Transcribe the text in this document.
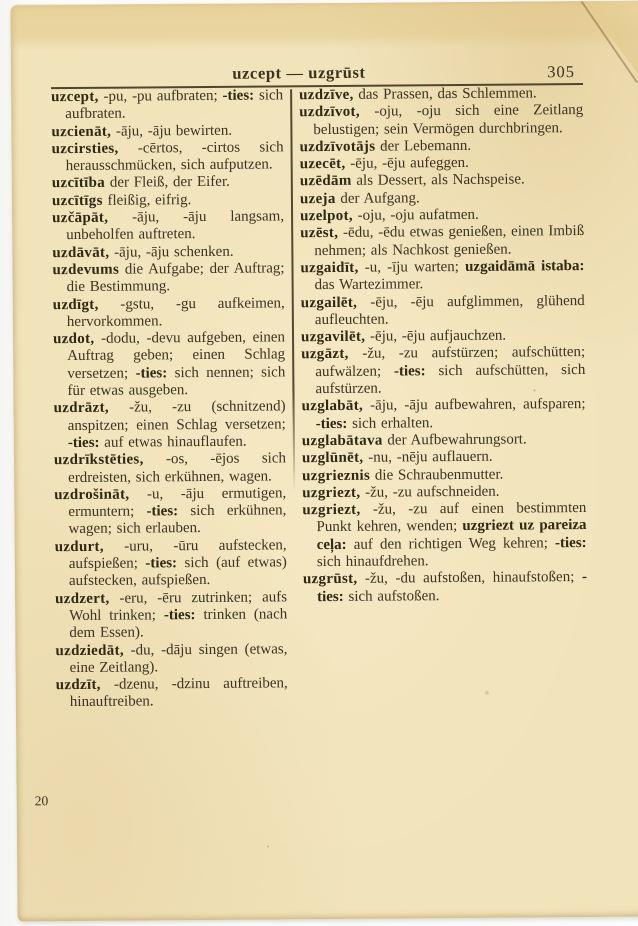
uzcept — uzgrūst	305

uzcept, -pu, -pu aufbraten; -ties: sich aufbraten.

uzcienāt, -āju, -āju bewirten.

uzcirsties, -cērtos, -cirtos sich herausschmücken, sich aufputzen.

uzcītība der Fleiß, der Eifer.

uzcītīgs fleißig, eifrig.

uzčāpāt, -āju, -āju langsam, unbeholfen auftreten.

uzdāvāt, -āju, -āju schenken.

uzdevums die Aufgabe; der Auftrag; die Bestimmung.

uzdīgt, -gstu, -gu aufkeimen, hervorkommen.

uzdot, -dodu, -devu aufgeben, einen Auftrag geben; einen Schlag versetzen; -ties: sich nennen; sich für etwas ausgeben.

uzdrāzt, -žu, -zu (schnitzend) anspitzen; einen Schlag versetzen; -ties: auf etwas hinauflaufen.

uzdrīkstēties, -os, -ējos sich erdreisten, sich erkühnen, wagen.

uzdrošināt, -u, -āju ermutigen, ermuntern; -ties: sich erkühnen, wagen; sich erlauben.

uzdurt, -uru, -ūru aufstecken, aufspießen; -ties: sich (auf etwas) aufstecken, aufspießen.

uzdzert, -eru, -ēru zutrinken; aufs Wohl trinken; -ties: trinken (nach dem Essen).

uzdziedāt, -du, -dāju singen (etwas, eine Zeitlang).

uzdzīt, -dzenu, -dzinu auftreiben, hinauftreiben.

uzdzīve, das Prassen, das Schlemmen.

uzdzīvot, -oju, -oju sich eine Zeitlang belustigen; sein Vermögen durchbringen.

uzdzīvotājs der Lebemann.

uzecēt, -ēju, -ēju aufeggen.

uzēdām als Dessert, als Nachspeise.

uzeja der Aufgang.

uzelpot, -oju, -oju aufatmen.

uzēst, -ēdu, -ēdu etwas genießen, einen Imbiß nehmen; als Nachkost genießen.

uzgaidīt, -u, -īju warten; uzgaidāmā istaba: das Wartezimmer.

uzgailēt, -ēju, -ēju aufglimmen, glühend aufleuchten.

uzgavilēt, -ēju, -ēju aufjauchzen.

uzgāzt, -žu, -zu aufstürzen; aufschütten; aufwälzen; -ties: sich aufschütten, sich aufstürzen.

uzglabāt, -āju, -āju aufbewahren, aufsparen; -ties: sich erhalten.

uzglabātava der Aufbewahrungsort.

uzglūnēt, -nu, -nēju auflauern.

uzgrieznis die Schraubenmutter.

uzgriezt, -žu, -zu aufschneiden.

uzgriezt, -žu, -zu auf einen bestimmten Punkt kehren, wenden; uzgriezt uz pareiza ceļa: auf den richtigen Weg kehren; -ties: sich hinaufdrehen.

uzgrūst, -žu, -du aufstoßen, hinaufstoßen; -ties: sich aufstoßen.

20
